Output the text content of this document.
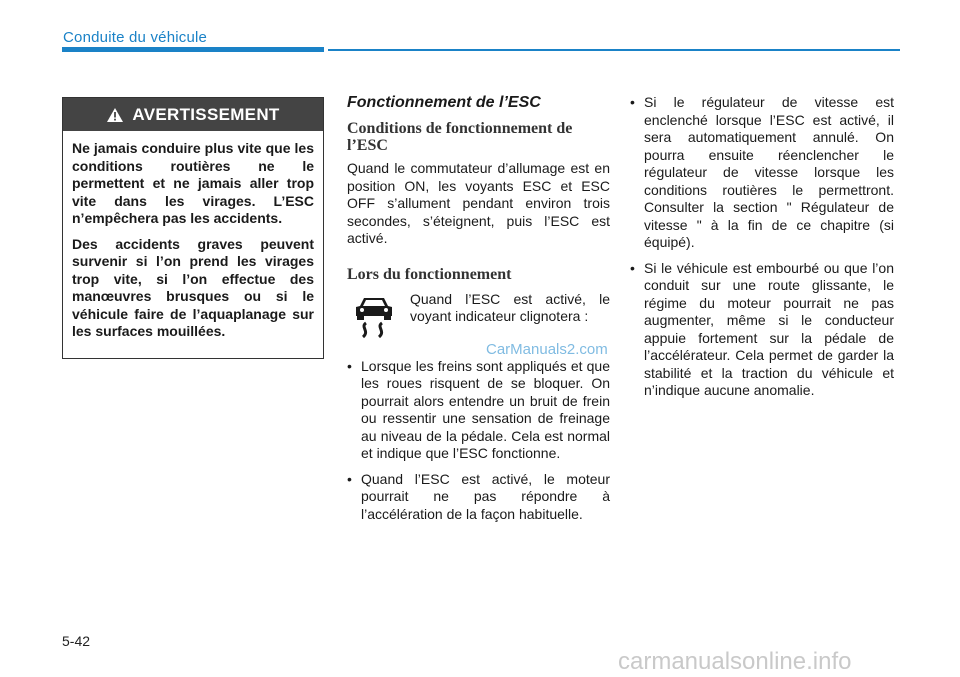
Conduite du véhicule
AVERTISSEMENT

Ne jamais conduire plus vite que les conditions routières ne le permettent et ne jamais aller trop vite dans les virages. L’ESC n’empêchera pas les accidents.

Des accidents graves peuvent survenir si l’on prend les virages trop vite, si l’on effectue des manœuvres brusques ou si le véhicule faire de l’aquaplanage sur les surfaces mouillées.

Fonctionnement de l’ESC
Conditions de fonctionnement de l’ESC

Quand le commutateur d’allumage est en position ON, les voyants ESC et ESC OFF s’allument pendant environ trois secondes, s’éteignent, puis l’ESC est activé.

Lors du fonctionnement

Quand l’ESC est activé, le voyant indicateur clignotera :

• Lorsque les freins sont appliqués et que les roues risquent de se bloquer. On pourrait alors entendre un bruit de frein ou ressentir une sensation de freinage au niveau de la pédale. Cela est normal et indique que l’ESC fonctionne.
• Quand l’ESC est activé, le moteur pourrait ne pas répondre à l’accélération de la façon habituelle.
• Si le régulateur de vitesse est enclenché lorsque l’ESC est activé, il sera automatiquement annulé. On pourra ensuite réenclencher le régulateur de vitesse lorsque les conditions routières le permettront. Consulter la section " Régulateur de vitesse " à la fin de ce chapitre (si équipé).
• Si le véhicule est embourbé ou que l’on conduit sur une route glissante, le régime du moteur pourrait ne pas augmenter, même si le conducteur appuie fortement sur la pédale de l’accélérateur. Cela permet de garder la stabilité et la traction du véhicule et n’indique aucune anomalie.
CarManuals2.com
5-42
carmanualsonline.info
